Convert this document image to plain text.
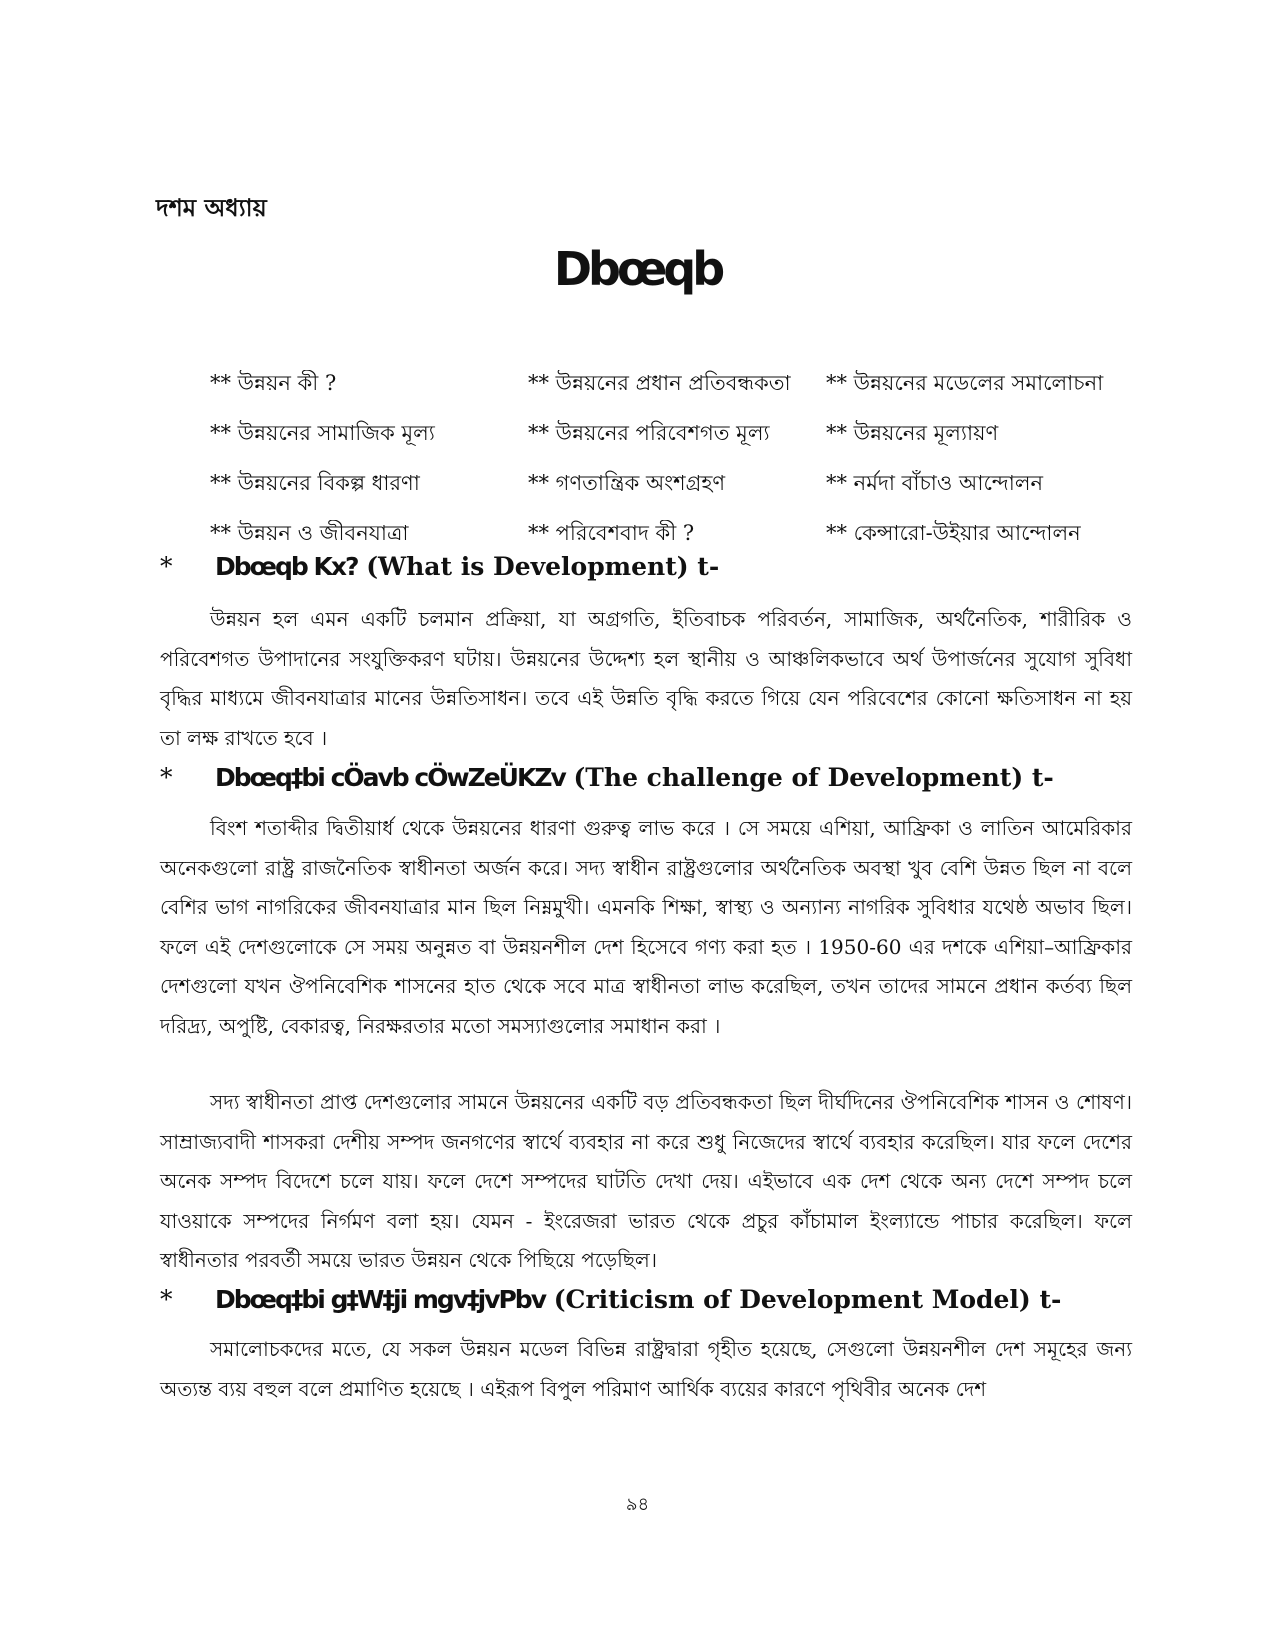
দশম অধ্যায়
Dbœqb
** উন্নয়ন কী ?	** উন্নয়নের প্রধান প্রতিবন্ধকতা	** উন্নয়নের মডেলের সমালোচনা
** উন্নয়নের সামাজিক মূল্য	** উন্নয়নের পরিবেশগত মূল্য	** উন্নয়নের মূল্যায়ণ
** উন্নয়নের বিকল্প ধারণা	** গণতান্ত্রিক অংশগ্রহণ	** নর্মদা বাঁচাও আন্দোলন
** উন্নয়ন ও জীবনযাত্রা	** পরিবেশবাদ কী ?	** কেন্সারো-উইয়ার আন্দোলন
* Dbœqb Kx? (What is Development) t-

উন্নয়ন হল এমন একটি চলমান প্রক্রিয়া, যা অগ্রগতি, ইতিবাচক পরিবর্তন, সামাজিক, অর্থনৈতিক, শারীরিক ও পরিবেশগত উপাদানের সংযুক্তিকরণ ঘটায়। উন্নয়নের উদ্দেশ্য হল স্থানীয় ও আঞ্চলিকভাবে অর্থ উপার্জনের সুযোগ সুবিধা বৃদ্ধির মাধ্যমে জীবনযাত্রার মানের উন্নতিসাধন। তবে এই উন্নতি বৃদ্ধি করতে গিয়ে যেন পরিবেশের কোনো ক্ষতিসাধন না হয় তা লক্ষ রাখতে হবে ।

* Dbœq‡bi cÖavb cÖwZeÜKZv (The challenge of Development) t-

বিংশ শতাব্দীর দ্বিতীয়ার্ধ থেকে উন্নয়নের ধারণা গুরুত্ব লাভ করে । সে সময়ে এশিয়া, আফ্রিকা ও লাতিন আমেরিকার অনেকগুলো রাষ্ট্র রাজনৈতিক স্বাধীনতা অর্জন করে। সদ্য স্বাধীন রাষ্ট্রগুলোর অর্থনৈতিক অবস্থা খুব বেশি উন্নত ছিল না বলে বেশির ভাগ নাগরিকের জীবনযাত্রার মান ছিল নিম্নমুখী। এমনকি শিক্ষা, স্বাস্থ্য ও অন্যান্য নাগরিক সুবিধার যথেষ্ঠ অভাব ছিল। ফলে এই দেশগুলোকে সে সময় অনুন্নত বা উন্নয়নশীল দেশ হিসেবে গণ্য করা হত । 1950-60 এর দশকে এশিয়া–আফ্রিকার দেশগুলো যখন ঔপনিবেশিক শাসনের হাত থেকে সবে মাত্র স্বাধীনতা লাভ করেছিল, তখন তাদের সামনে প্রধান কর্তব্য ছিল দরিদ্র্য, অপুষ্টি, বেকারত্ব, নিরক্ষরতার মতো সমস্যাগুলোর সমাধান করা ।

সদ্য স্বাধীনতা প্রাপ্ত দেশগুলোর সামনে উন্নয়নের একটি বড় প্রতিবন্ধকতা ছিল দীর্ঘদিনের ঔপনিবেশিক শাসন ও শোষণ। সাম্রাজ্যবাদী শাসকরা দেশীয় সম্পদ জনগণের স্বার্থে ব্যবহার না করে শুধু নিজেদের স্বার্থে ব্যবহার করেছিল। যার ফলে দেশের অনেক সম্পদ বিদেশে চলে যায়। ফলে দেশে সম্পদের ঘাটতি দেখা দেয়। এইভাবে এক দেশ থেকে অন্য দেশে সম্পদ চলে যাওয়াকে সম্পদের নির্গমণ বলা হয়। যেমন - ইংরেজরা ভারত থেকে প্রচুর কাঁচামাল ইংল্যান্ডে পাচার করেছিল। ফলে স্বাধীনতার পরবর্তী সময়ে ভারত উন্নয়ন থেকে পিছিয়ে পড়েছিল।

* Dbœq‡bi g‡W‡ji mgv‡jvPbv (Criticism of Development Model) t-

সমালোচকদের মতে, যে সকল উন্নয়ন মডেল বিভিন্ন রাষ্ট্রদ্বারা গৃহীত হয়েছে, সেগুলো উন্নয়নশীল দেশ সমূহের জন্য অত্যন্ত ব্যয় বহুল বলে প্রমাণিত হয়েছে । এইরূপ বিপুল পরিমাণ আর্থিক ব্যয়ের কারণে পৃথিবীর অনেক দেশ

৯৪
